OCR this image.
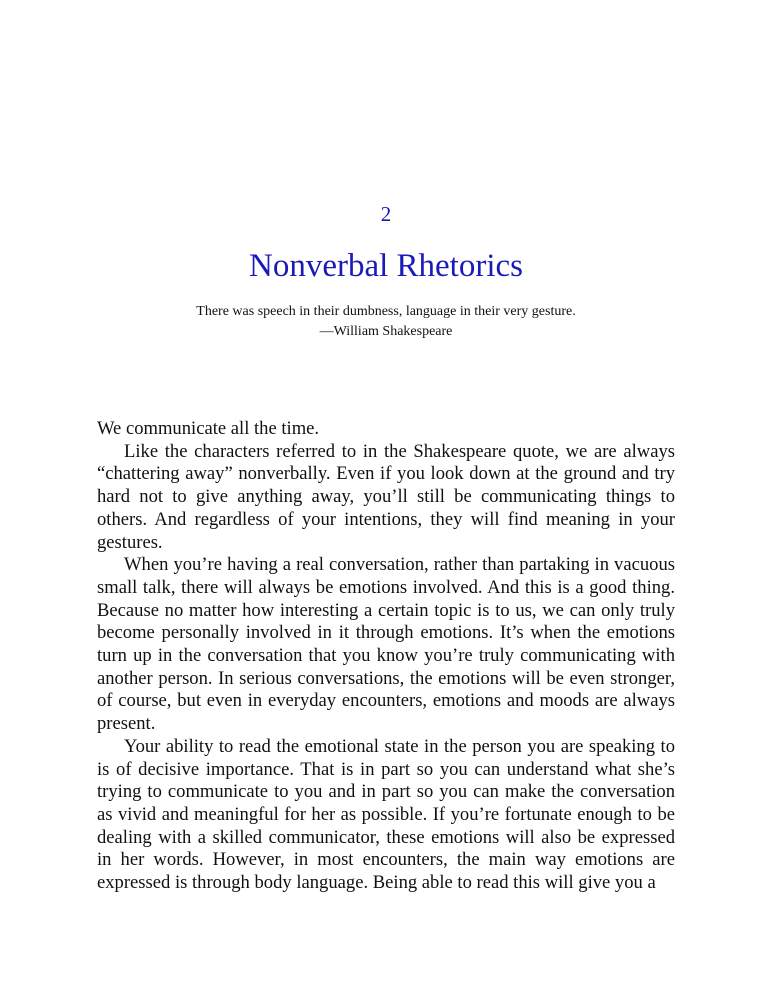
2
Nonverbal Rhetorics
There was speech in their dumbness, language in their very gesture.
—William Shakespeare

We communicate all the time.

Like the characters referred to in the Shakespeare quote, we are always “chattering away” nonverbally. Even if you look down at the ground and try hard not to give anything away, you’ll still be communicating things to others. And regardless of your intentions, they will find meaning in your gestures.

When you’re having a real conversation, rather than partaking in vacuous small talk, there will always be emotions involved. And this is a good thing. Because no matter how interesting a certain topic is to us, we can only truly become personally involved in it through emotions. It’s when the emotions turn up in the conversation that you know you’re truly communicating with another person. In serious conversations, the emotions will be even stronger, of course, but even in everyday encounters, emotions and moods are always present.

Your ability to read the emotional state in the person you are speaking to is of decisive importance. That is in part so you can understand what she’s trying to communicate to you and in part so you can make the conversation as vivid and meaningful for her as possible. If you’re fortunate enough to be dealing with a skilled communicator, these emotions will also be expressed in her words. However, in most encounters, the main way emotions are expressed is through body language. Being able to read this will give you a
